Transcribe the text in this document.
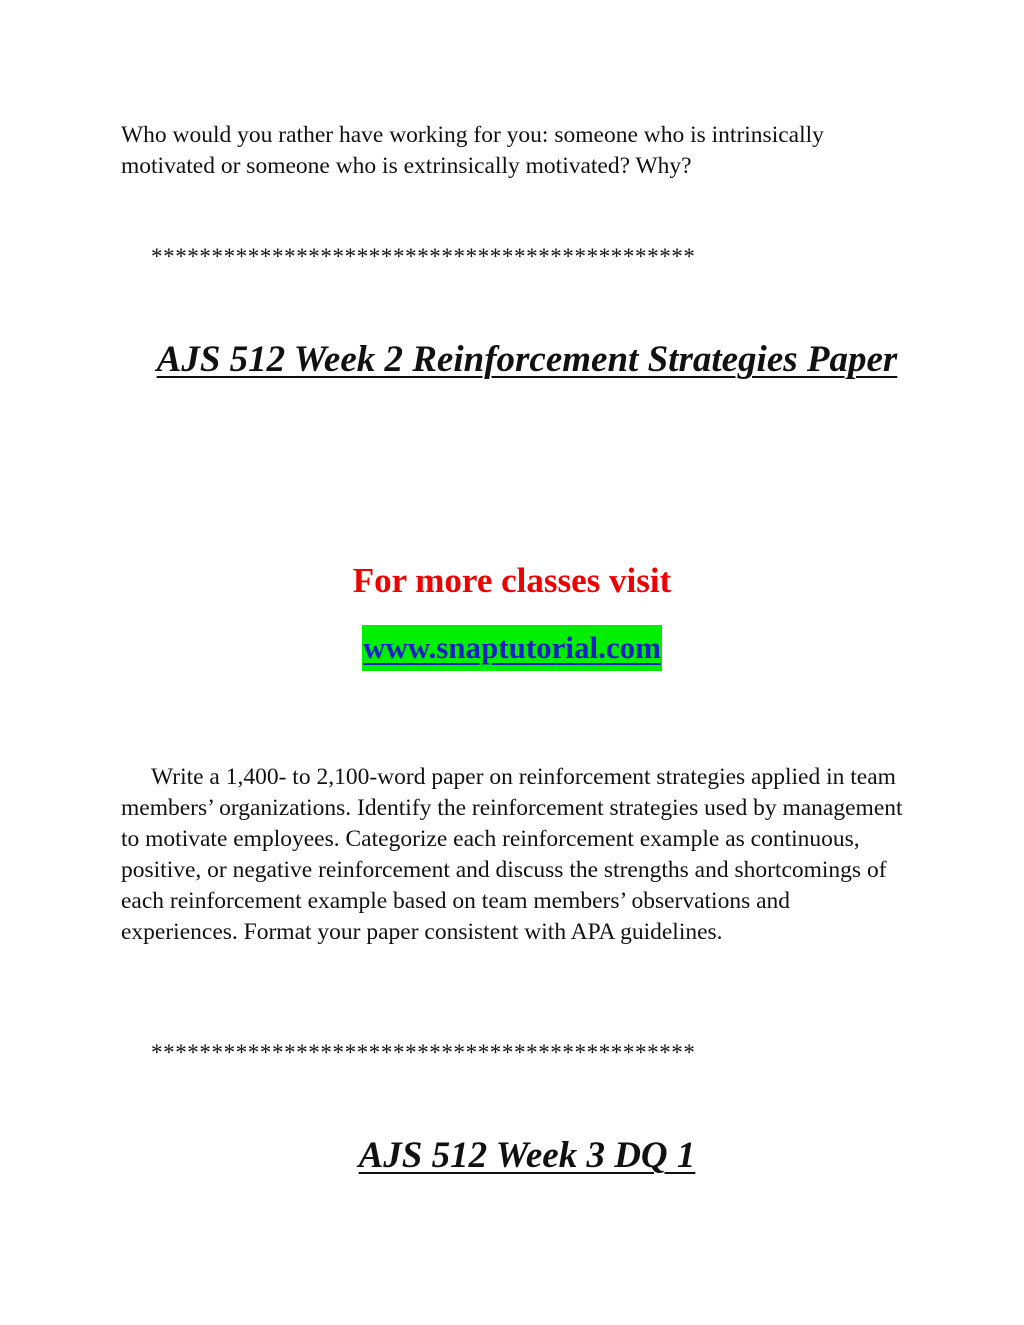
Who would you rather have working for you: someone who is intrinsically motivated or someone who is extrinsically motivated? Why?

*********************************************
AJS 512 Week 2 Reinforcement Strategies Paper

For more classes visit

www.snaptutorial.com

Write a 1,400- to 2,100-word paper on reinforcement strategies applied in team members’ organizations. Identify the reinforcement strategies used by management to motivate employees. Categorize each reinforcement example as continuous, positive, or negative reinforcement and discuss the strengths and shortcomings of each reinforcement example based on team members’ observations and experiences. Format your paper consistent with APA guidelines.

*********************************************
AJS 512 Week 3 DQ 1
